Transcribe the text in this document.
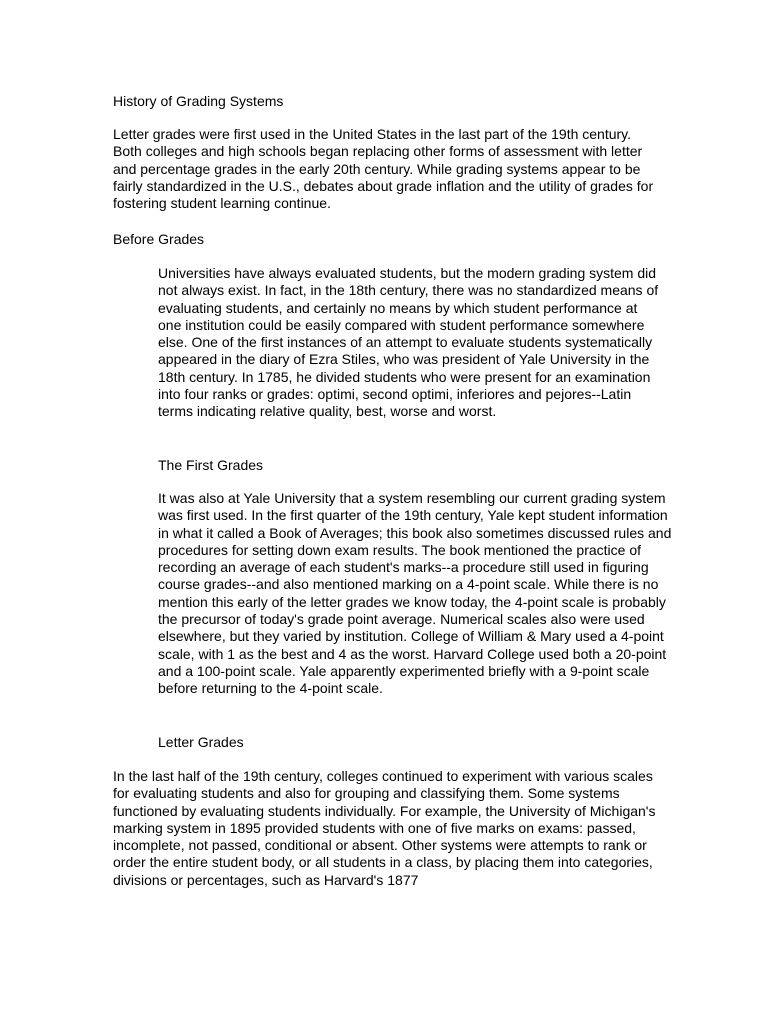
History of Grading Systems

Letter grades were first used in the United States in the last part of the 19th century. Both colleges and high schools began replacing other forms of assessment with letter and percentage grades in the early 20th century. While grading systems appear to be fairly standardized in the U.S., debates about grade inflation and the utility of grades for fostering student learning continue.

Before Grades

Universities have always evaluated students, but the modern grading system did not always exist. In fact, in the 18th century, there was no standardized means of evaluating students, and certainly no means by which student performance at one institution could be easily compared with student performance somewhere else. One of the first instances of an attempt to evaluate students systematically appeared in the diary of Ezra Stiles, who was president of Yale University in the 18th century. In 1785, he divided students who were present for an examination into four ranks or grades: optimi, second optimi, inferiores and pejores--Latin terms indicating relative quality, best, worse and worst.

The First Grades

It was also at Yale University that a system resembling our current grading system was first used. In the first quarter of the 19th century, Yale kept student information in what it called a Book of Averages; this book also sometimes discussed rules and procedures for setting down exam results. The book mentioned the practice of recording an average of each student's marks--a procedure still used in figuring course grades--and also mentioned marking on a 4-point scale. While there is no mention this early of the letter grades we know today, the 4-point scale is probably the precursor of today's grade point average. Numerical scales also were used elsewhere, but they varied by institution. College of William & Mary used a 4-point scale, with 1 as the best and 4 as the worst. Harvard College used both a 20-point and a 100-point scale. Yale apparently experimented briefly with a 9-point scale before returning to the 4-point scale.

Letter Grades

In the last half of the 19th century, colleges continued to experiment with various scales for evaluating students and also for grouping and classifying them. Some systems functioned by evaluating students individually. For example, the University of Michigan's marking system in 1895 provided students with one of five marks on exams: passed, incomplete, not passed, conditional or absent. Other systems were attempts to rank or order the entire student body, or all students in a class, by placing them into categories, divisions or percentages, such as Harvard's 1877
